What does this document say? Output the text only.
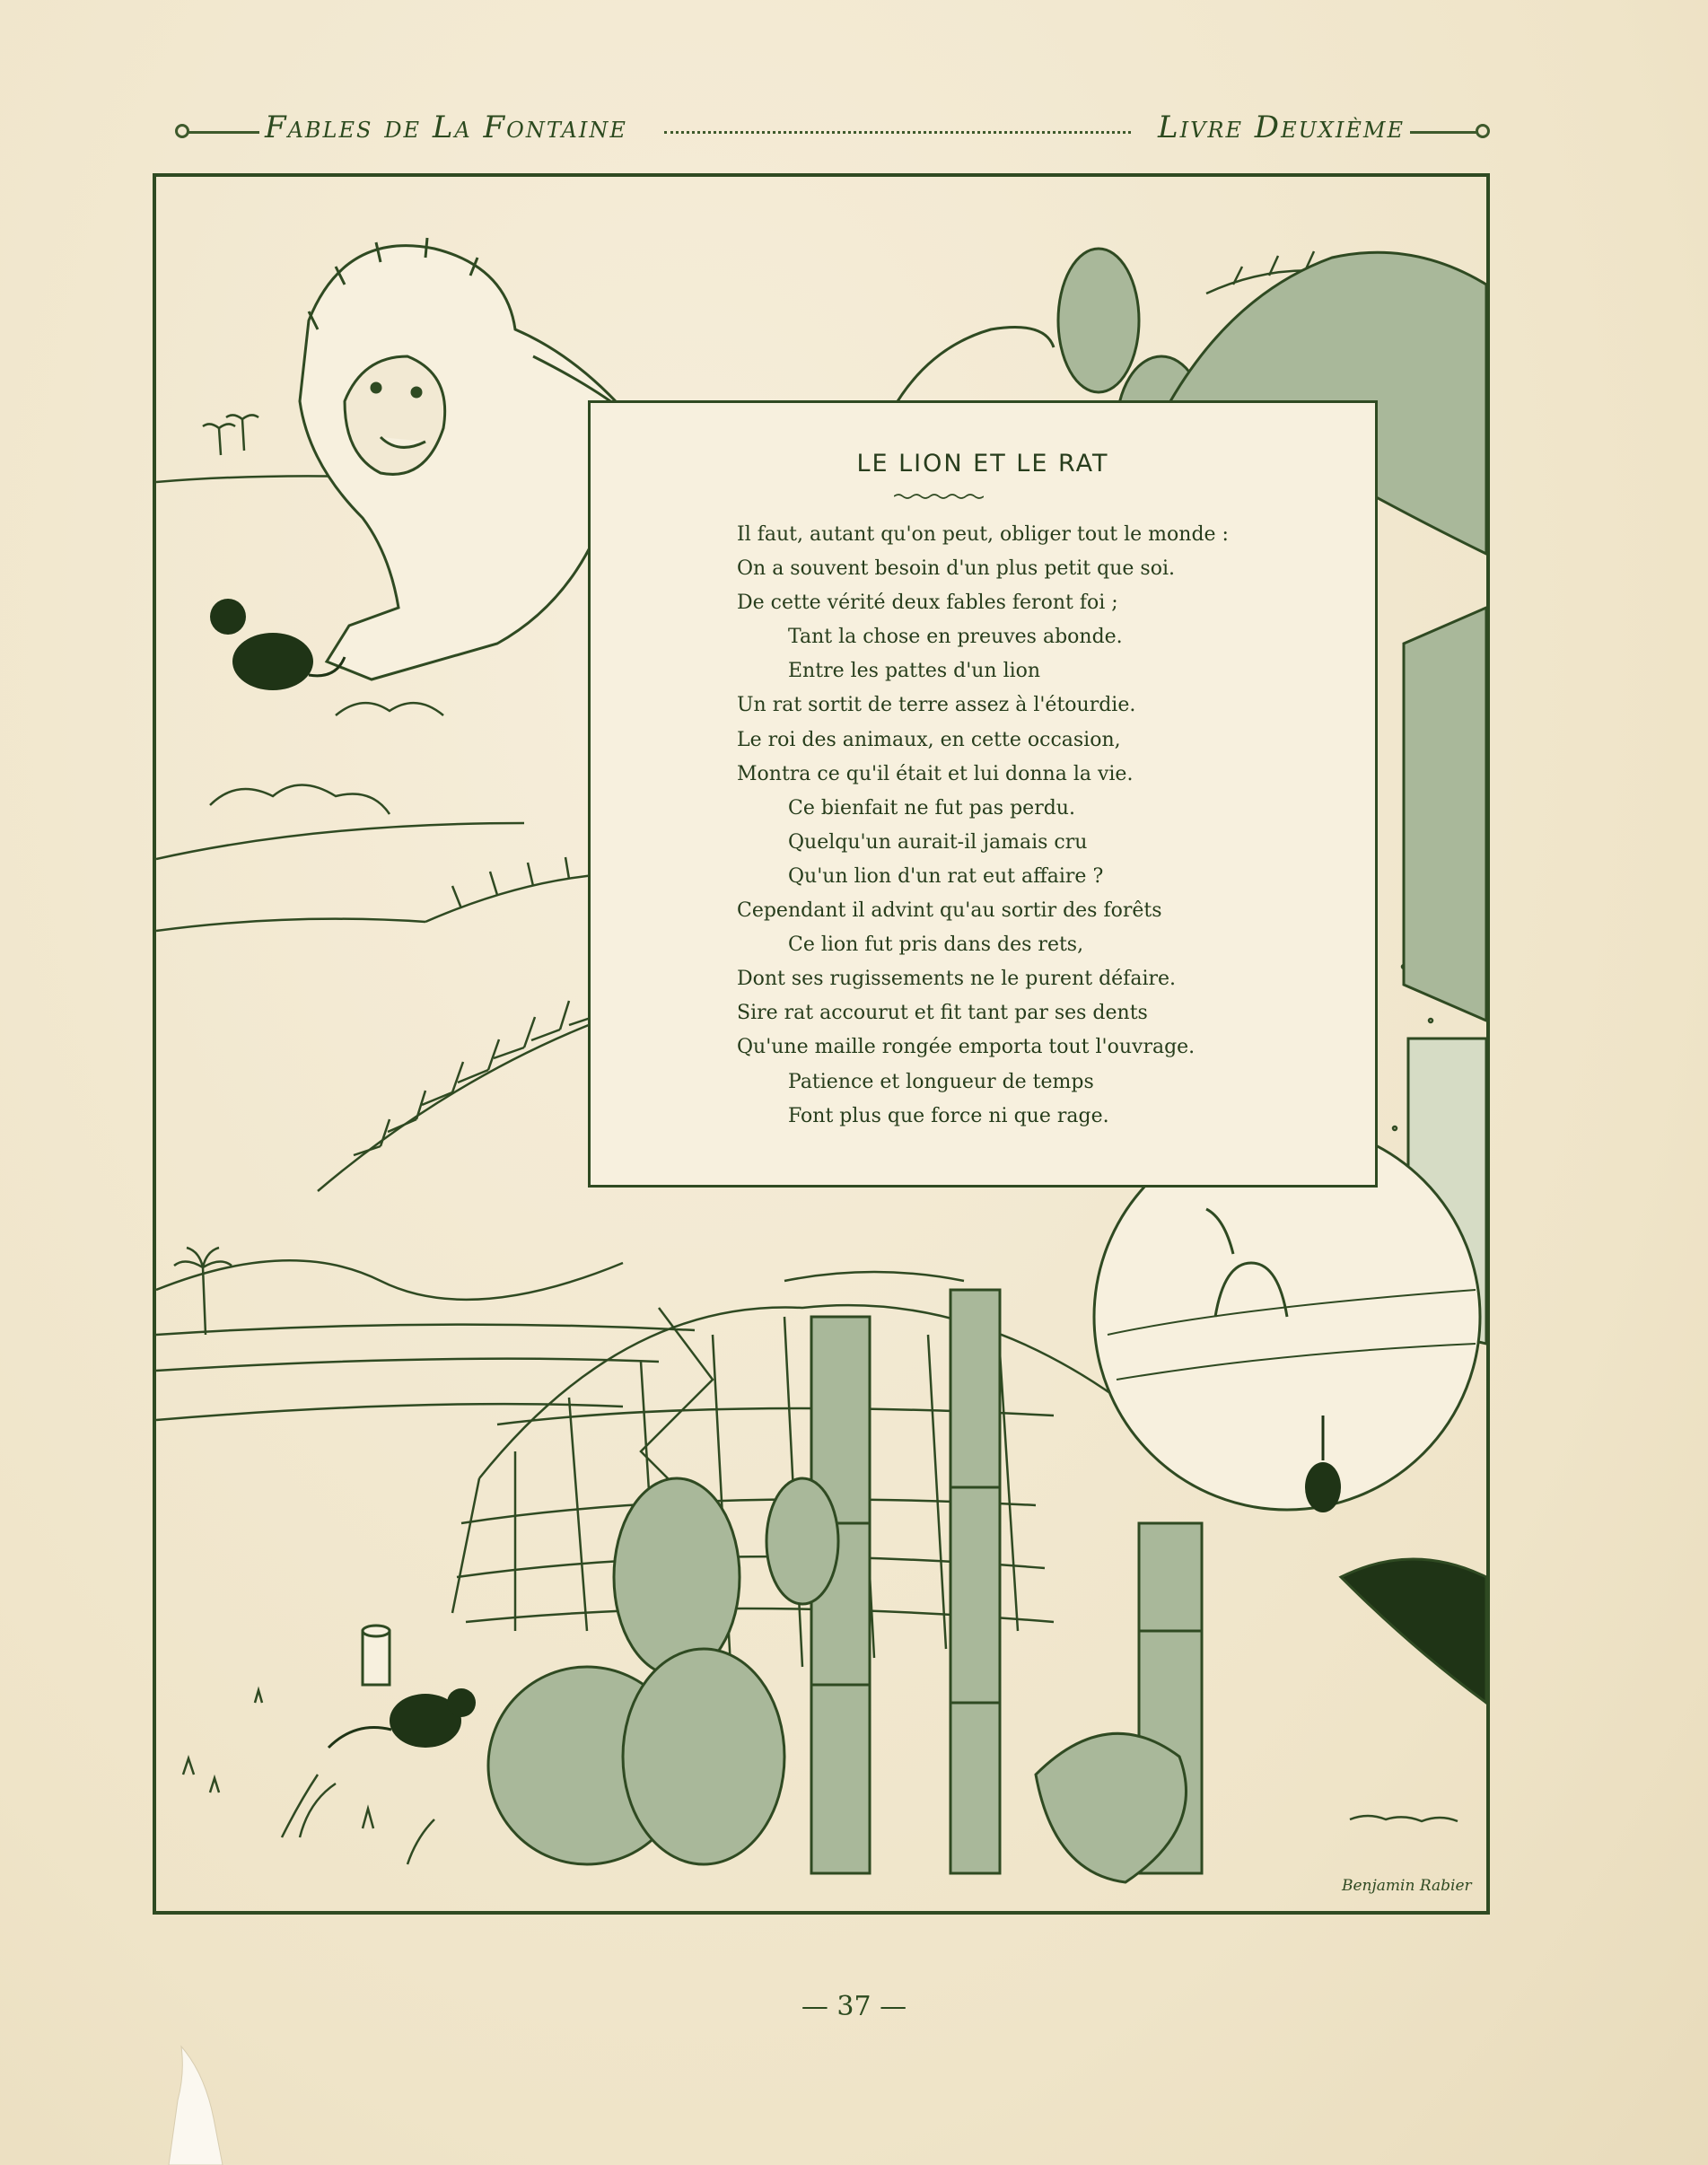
Fables de La Fontaine	Livre Deuxième
LE LION ET LE RAT
Il faut, autant qu'on peut, obliger tout le monde :
On a souvent besoin d'un plus petit que soi.
De cette vérité deux fables feront foi ;
Tant la chose en preuves abonde.
Entre les pattes d'un lion
Un rat sortit de terre assez à l'étourdie.
Le roi des animaux, en cette occasion,
Montra ce qu'il était et lui donna la vie.
Ce bienfait ne fut pas perdu.
Quelqu'un aurait-il jamais cru
Qu'un lion d'un rat eut affaire ?
Cependant il advint qu'au sortir des forêts
Ce lion fut pris dans des rets,
Dont ses rugissements ne le purent défaire.
Sire rat accourut et fit tant par ses dents
Qu'une maille rongée emporta tout l'ouvrage.
Patience et longueur de temps
Font plus que force ni que rage.
— 37 —
Benjamin Rabier
